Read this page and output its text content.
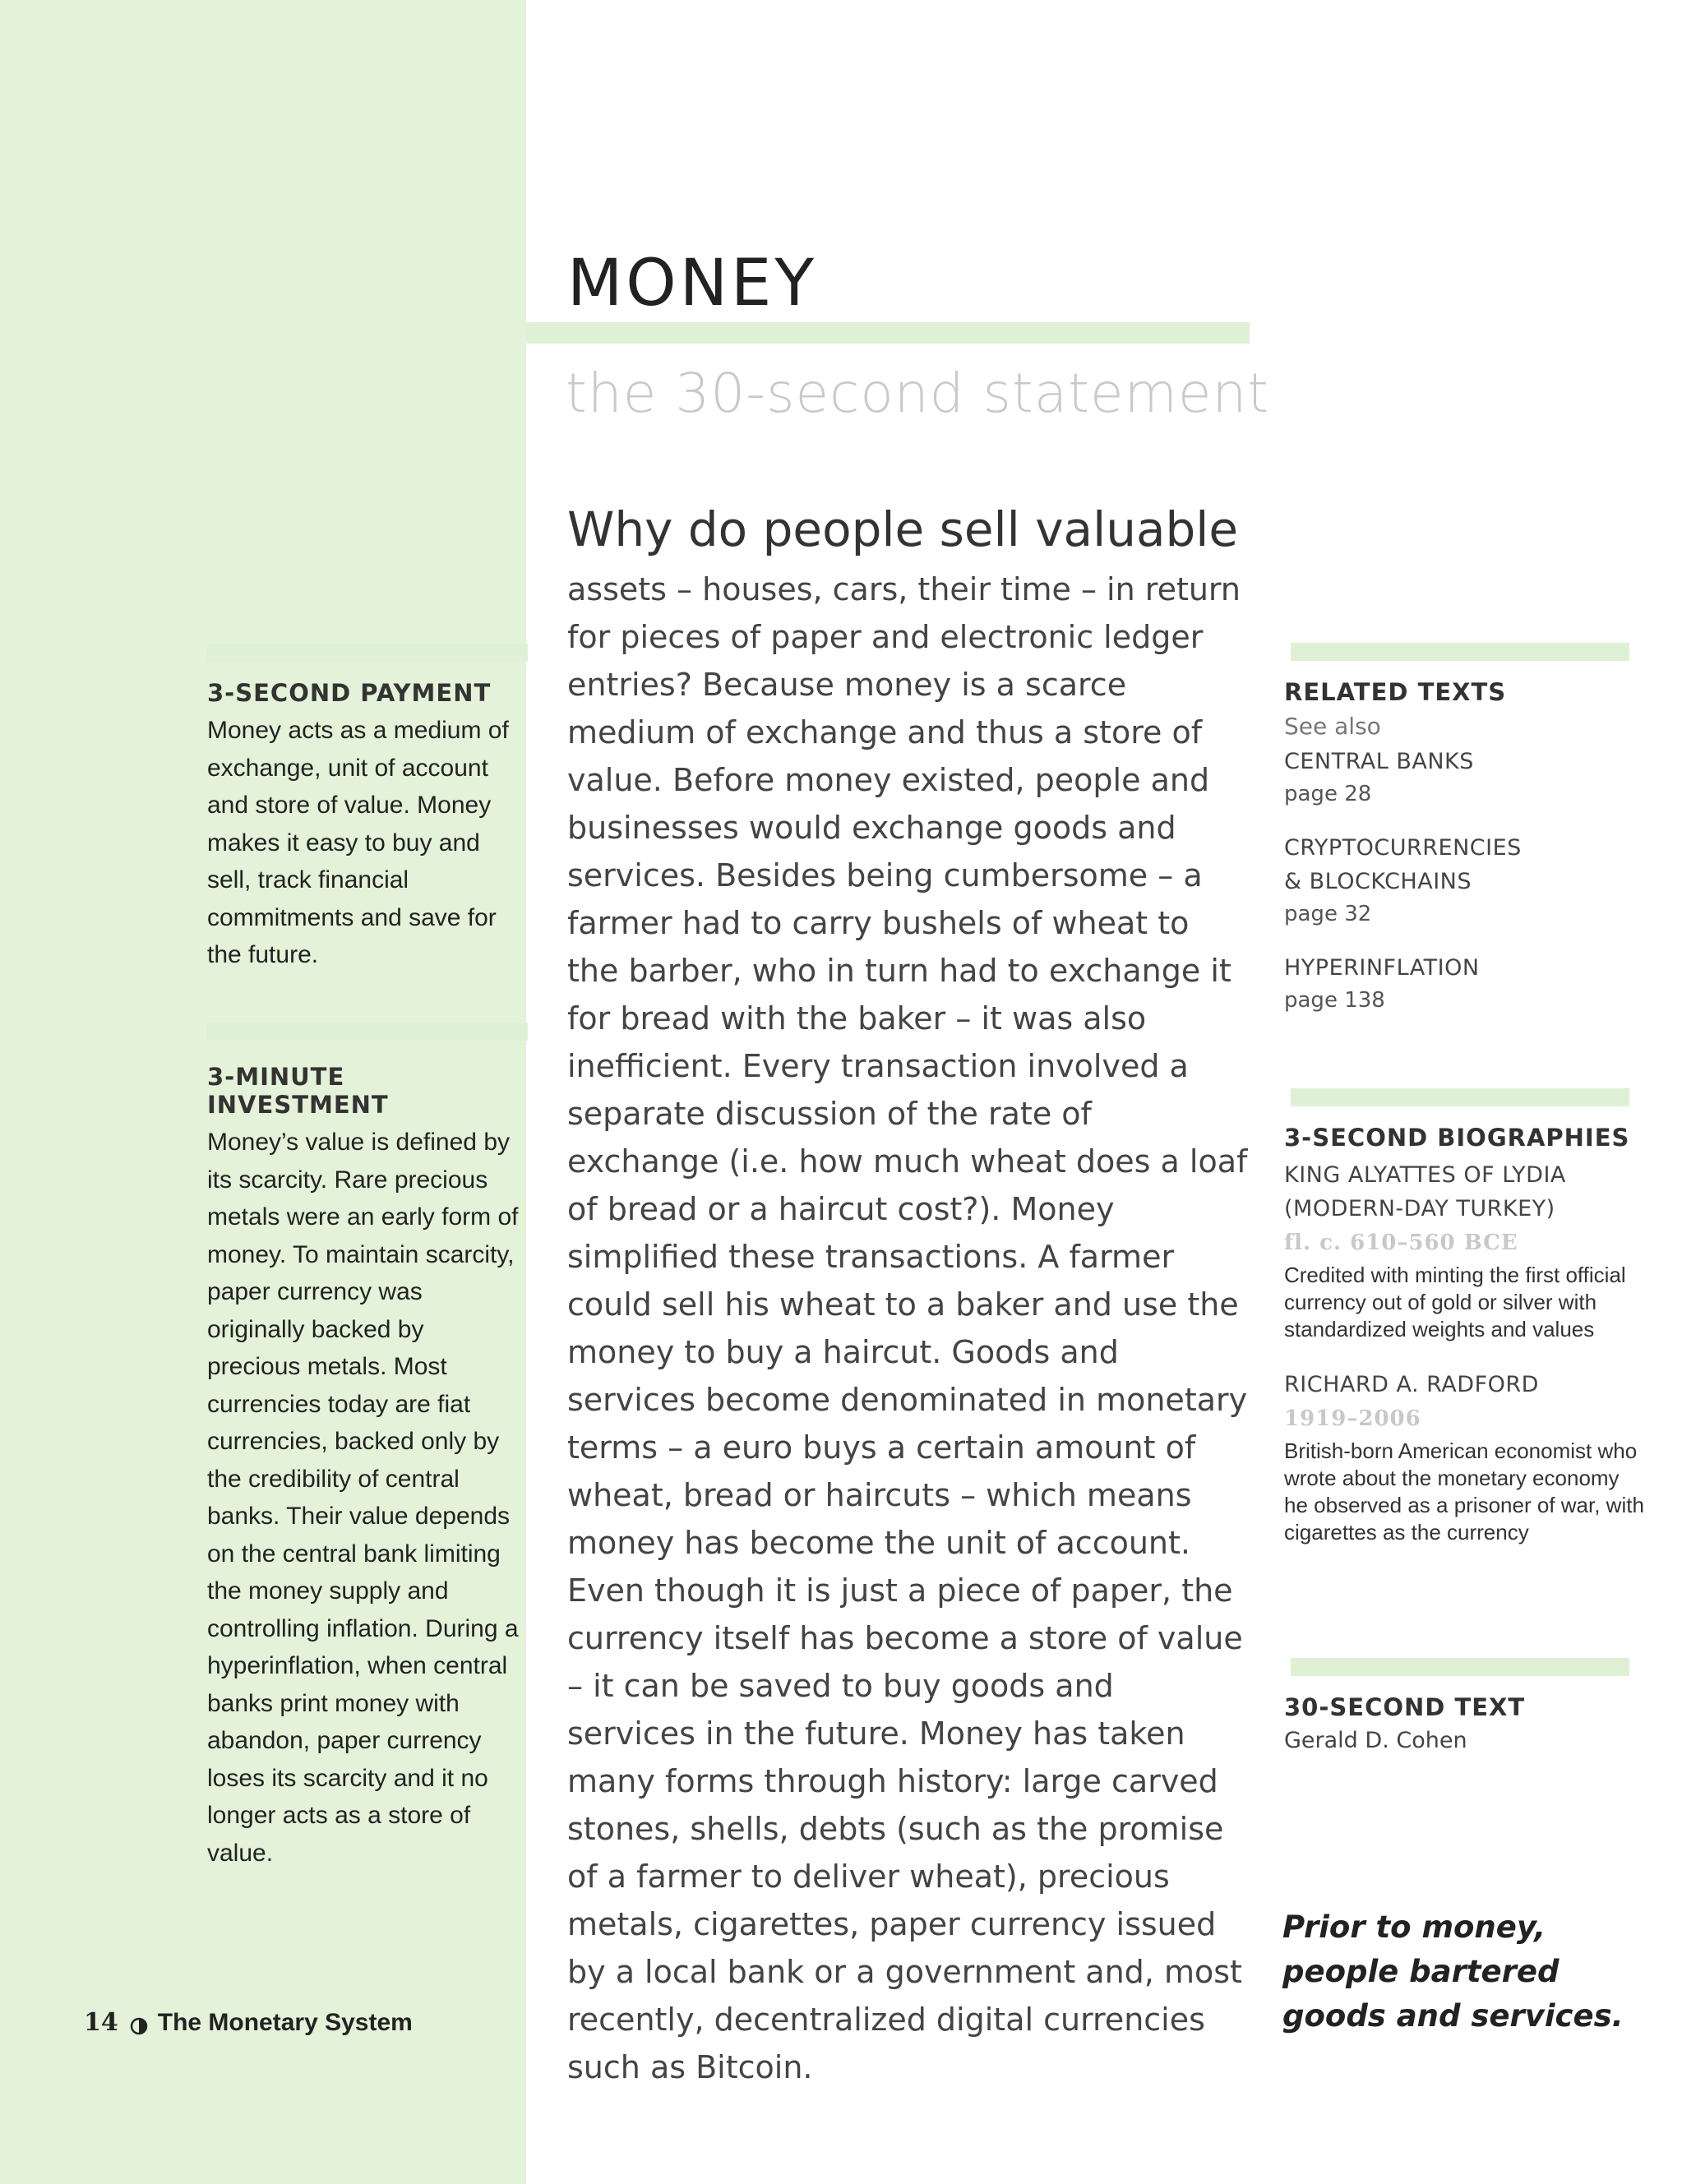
MONEY
the 30-second statement

Why do people sell valuable

assets – houses, cars, their time – in return for pieces of paper and electronic ledger entries? Because money is a scarce medium of exchange and thus a store of value. Before money existed, people and businesses would exchange goods and services. Besides being cumbersome – a farmer had to carry bushels of wheat to the barber, who in turn had to exchange it for bread with the baker – it was also inefficient. Every transaction involved a separate discussion of the rate of exchange (i.e. how much wheat does a loaf of bread or a haircut cost?). Money simplified these transactions. A farmer could sell his wheat to a baker and use the money to buy a haircut. Goods and services become denominated in monetary terms – a euro buys a certain amount of wheat, bread or haircuts – which means money has become the unit of account. Even though it is just a piece of paper, the currency itself has become a store of value – it can be saved to buy goods and services in the future. Money has taken many forms through history: large carved stones, shells, debts (such as the promise of a farmer to deliver wheat), precious metals, cigarettes, paper currency issued by a local bank or a government and, most recently, decentralized digital currencies such as Bitcoin.

3-SECOND PAYMENT

Money acts as a medium of exchange, unit of account and store of value. Money makes it easy to buy and sell, track financial commitments and save for the future.

3-MINUTE INVESTMENT

Money’s value is defined by its scarcity. Rare precious metals were an early form of money. To maintain scarcity, paper currency was originally backed by precious metals. Most currencies today are fiat currencies, backed only by the credibility of central banks. Their value depends on the central bank limiting the money supply and controlling inflation. During a hyperinflation, when central banks print money with abandon, paper currency loses its scarcity and it no longer acts as a store of value.

RELATED TEXTS

See also

CENTRAL BANKS

page 28

CRYPTOCURRENCIES & BLOCKCHAINS

page 32

HYPERINFLATION

page 138

3-SECOND BIOGRAPHIES

KING ALYATTES OF LYDIA (MODERN-DAY TURKEY)

fl. c. 610–560 BCE

Credited with minting the first official currency out of gold or silver with standardized weights and values

RICHARD A. RADFORD

1919–2006

British-born American economist who wrote about the monetary economy he observed as a prisoner of war, with cigarettes as the currency

30-SECOND TEXT

Gerald D. Cohen

Prior to money, people bartered goods and services.

14 The Monetary System
